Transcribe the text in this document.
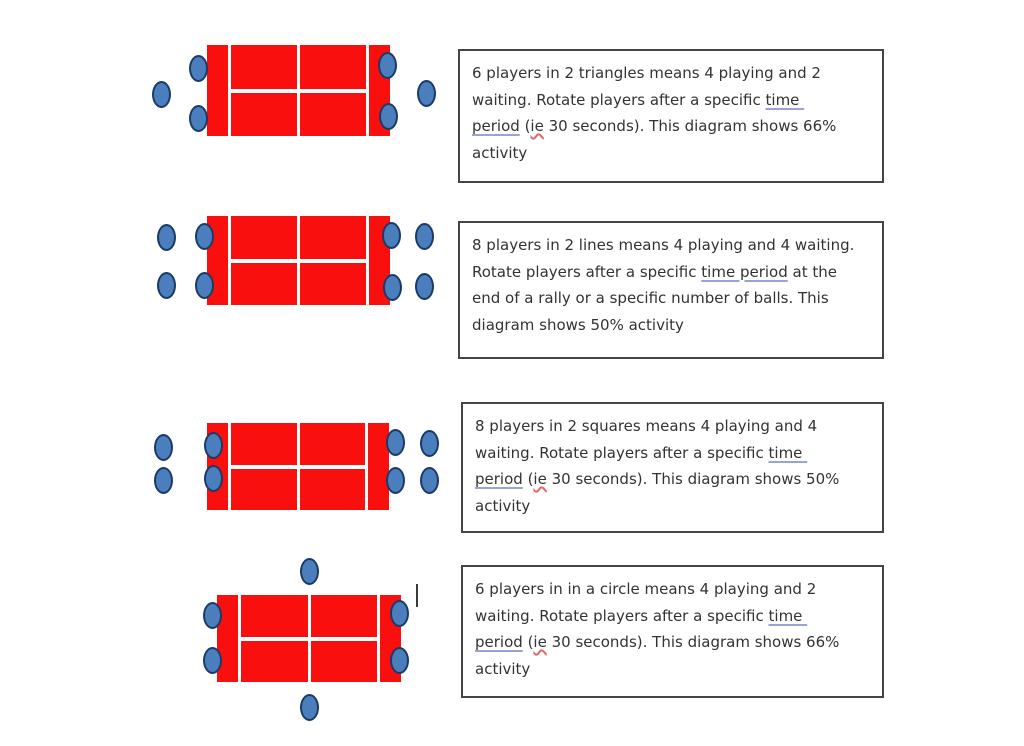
6 players in 2 triangles means 4 playing and 2
waiting. Rotate players after a specific time
period (ie 30 seconds). This diagram shows 66%
activity
8 players in 2 lines means 4 playing and 4 waiting.
Rotate players after a specific time period at the
end of a rally or a specific number of balls. This
diagram shows 50% activity
8 players in 2 squares means 4 playing and 4
waiting. Rotate players after a specific time
period (ie 30 seconds). This diagram shows 50%
activity
6 players in in a circle means 4 playing and 2
waiting. Rotate players after a specific time
period (ie 30 seconds). This diagram shows 66%
activity
